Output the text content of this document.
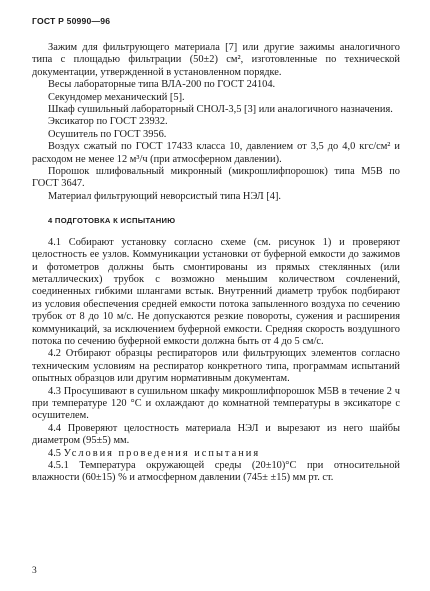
ГОСТ Р 50990—96

Зажим для фильтрующего материала [7] или другие зажимы аналогичного типа с площадью фильтрации (50±2) см², изготовленные по технической документации, утвержденной в установленном порядке.

Весы лабораторные типа ВЛА-200 по ГОСТ 24104.

Секундомер механический [5].

Шкаф сушильный лабораторный СНОЛ-3,5 [3] или аналогичного назначения.

Эксикатор по ГОСТ 23932.

Осушитель по ГОСТ 3956.

Воздух сжатый по ГОСТ 17433 класса 10, давлением от 3,5 до 4,0 кгс/см² и расходом не менее 12 м³/ч (при атмосферном давлении).

Порошок шлифовальный микронный (микрошлифпорошок) типа М5В по ГОСТ 3647.

Материал фильтрующий неворсистый типа НЭЛ [4].

4 ПОДГОТОВКА К ИСПЫТАНИЮ

4.1 Собирают установку согласно схеме (см. рисунок 1) и проверяют целостность ее узлов. Коммуникации установки от буферной емкости до зажимов и фотометров должны быть смонтированы из прямых стеклянных (или металлических) трубок с возможно меньшим количеством сочленений, соединенных гибкими шлангами встык. Внутренний диаметр трубок подбирают из условия обеспечения средней емкости потока запыленного воздуха по сечению трубок от 8 до 10 м/с. Не допускаются резкие повороты, сужения и расширения коммуникаций, за исключением буферной емкости. Средняя скорость воздушного потока по сечению буферной емкости должна быть от 4 до 5 см/с.

4.2 Отбирают образцы респираторов или фильтрующих элементов согласно техническим условиям на респиратор конкретного типа, программам испытаний опытных образцов или другим нормативным документам.

4.3 Просушивают в сушильном шкафу микрошлифпорошок М5В в течение 2 ч при температуре 120 °С и охлаждают до комнатной температуры в эксикаторе с осушителем.

4.4 Проверяют целостность материала НЭЛ и вырезают из него шайбы диаметром (95±5) мм.

4.5 Условия проведения испытания

4.5.1 Температура окружающей среды (20±10)°С при относительной влажности (60±15) % и атмосферном давлении (745± ±15) мм рт. ст.

3
